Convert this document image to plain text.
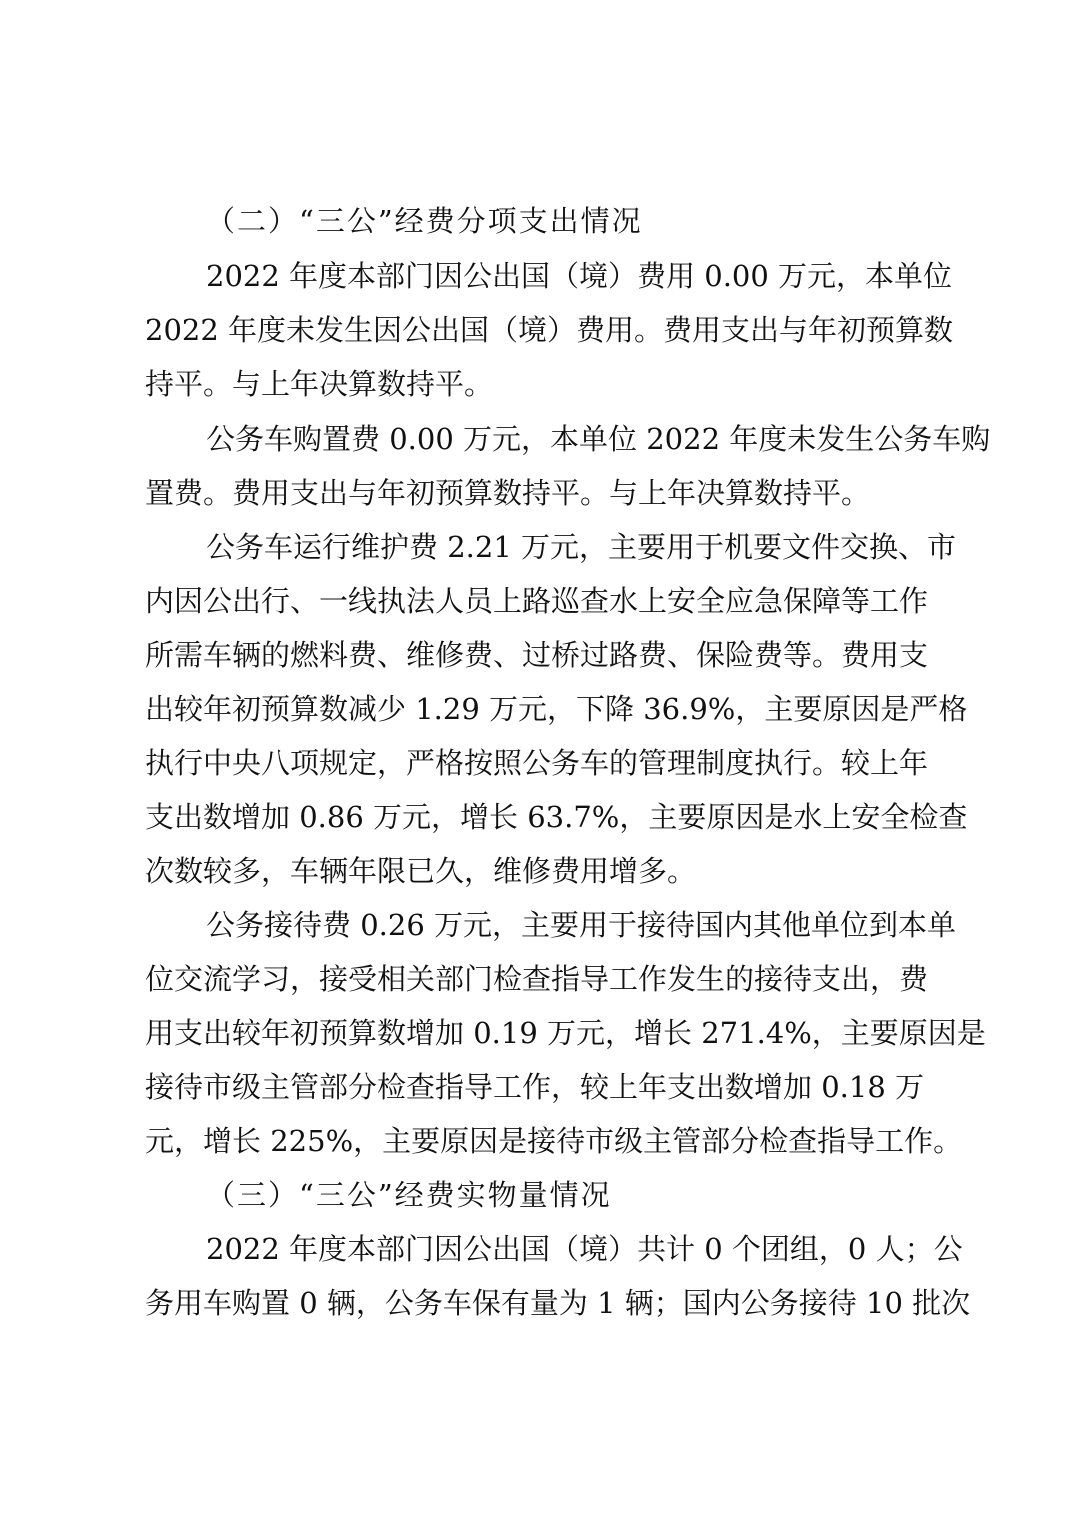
（二）“三公”经费分项支出情况
2022 年度本部门因公出国（境）费用 0.00 万元，本单位
2022 年度未发生因公出国（境）费用。费用支出与年初预算数
持平。与上年决算数持平。
公务车购置费 0.00 万元，本单位 2022 年度未发生公务车购
置费。费用支出与年初预算数持平。与上年决算数持平。
公务车运行维护费 2.21 万元，主要用于机要文件交换、市
内因公出行、一线执法人员上路巡查水上安全应急保障等工作
所需车辆的燃料费、维修费、过桥过路费、保险费等。费用支
出较年初预算数减少 1.29 万元，下降 36.9%，主要原因是严格
执行中央八项规定，严格按照公务车的管理制度执行。较上年
支出数增加 0.86 万元，增长 63.7%，主要原因是水上安全检查
次数较多，车辆年限已久，维修费用增多。
公务接待费 0.26 万元，主要用于接待国内其他单位到本单
位交流学习，接受相关部门检查指导工作发生的接待支出，费
用支出较年初预算数增加 0.19 万元，增长 271.4%，主要原因是
接待市级主管部分检查指导工作，较上年支出数增加 0.18 万
元，增长 225%，主要原因是接待市级主管部分检查指导工作。
（三）“三公”经费实物量情况
2022 年度本部门因公出国（境）共计 0 个团组，0 人；公
务用车购置 0 辆，公务车保有量为 1 辆；国内公务接待 10 批次
